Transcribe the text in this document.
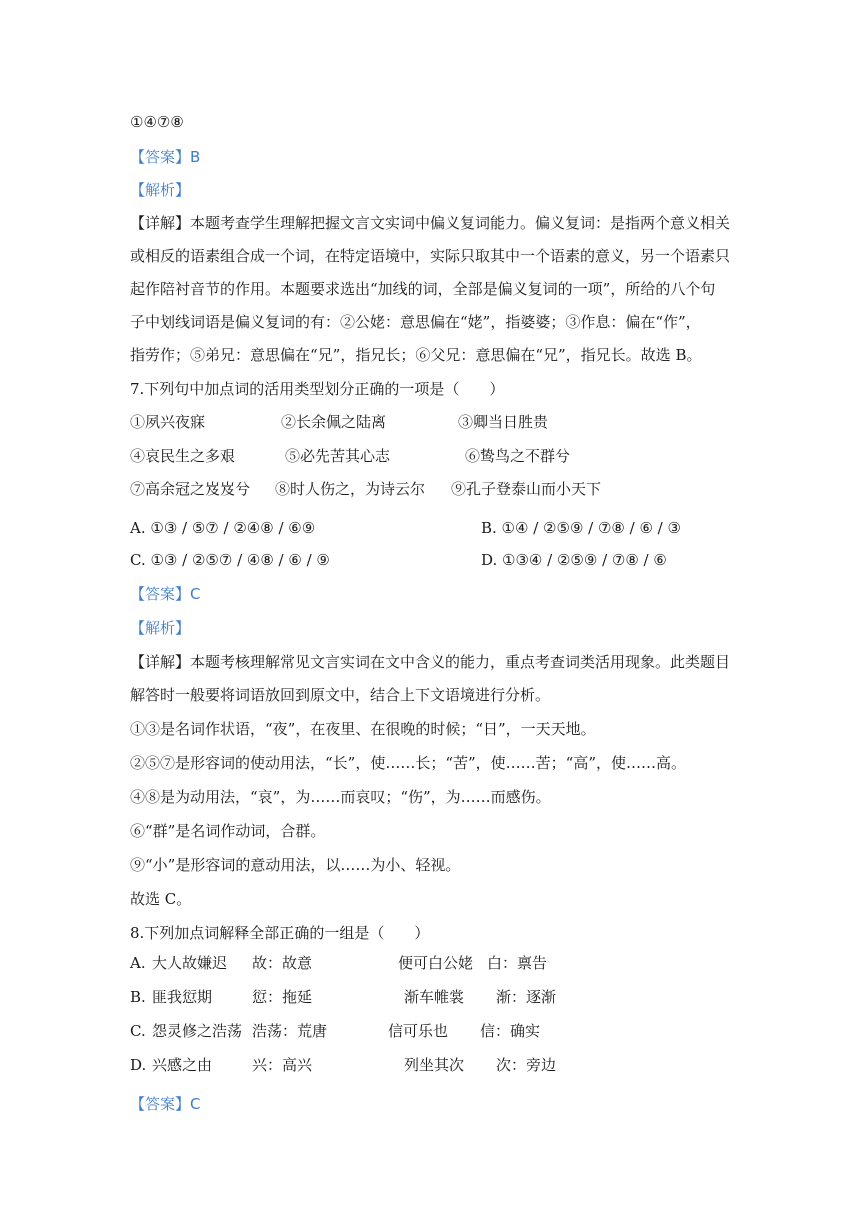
①④⑦⑧
【答案】B
【解析】
【详解】本题考查学生理解把握文言文实词中偏义复词能力。偏义复词：是指两个意义相关
或相反的语素组合成一个词，在特定语境中，实际只取其中一个语素的意义，另一个语素只
起作陪衬音节的作用。本题要求选出“加线的词，全部是偏义复词的一项”，所给的八个句
子中划线词语是偏义复词的有：②公姥：意思偏在“姥”，指婆婆；③作息：偏在“作”，
指劳作；⑤弟兄：意思偏在“兄”，指兄长；⑥父兄：意思偏在“兄”，指兄长。故选 B。
7.下列句中加点词的活用类型划分正确的一项是（　　）
①夙兴夜寐	②长余佩之陆离	③卿当日胜贵
④哀民生之多艰	⑤必先苦其心志	⑥鸷鸟之不群兮
⑦高余冠之岌岌兮 ⑧时人伤之，为诗云尔 ⑨孔子登泰山而小天下
A. ①③ / ⑤⑦ / ②④⑧ / ⑥⑨	B. ①④ / ②⑤⑨ / ⑦⑧ / ⑥ / ③
C. ①③ / ②⑤⑦ / ④⑧ / ⑥ / ⑨	D. ①③④ / ②⑤⑨ / ⑦⑧ / ⑥
【答案】C
【解析】
【详解】本题考核理解常见文言实词在文中含义的能力，重点考查词类活用现象。此类题目
解答时一般要将词语放回到原文中，结合上下文语境进行分析。
①③是名词作状语，“夜”，在夜里、在很晚的时候；“日”，一天天地。
②⑤⑦是形容词的使动用法，“长”，使……长；“苦”，使……苦；“高”，使……高。
④⑧是为动用法，“哀”，为……而哀叹；“伤”，为……而感伤。
⑥“群”是名词作动词，合群。
⑨“小”是形容词的意动用法，以……为小、轻视。
故选 C。
8.下列加点词解释全部正确的一组是（　　）
A. 大人故嫌迟 故：故意	便可白公姥 白：禀告
B. 匪我愆期	愆：拖延	渐车帷裳 渐：逐渐
C. 怨灵修之浩荡 浩荡：荒唐	信可乐也 信：确实
D. 兴感之由	兴：高兴	列坐其次 次：旁边
【答案】C
